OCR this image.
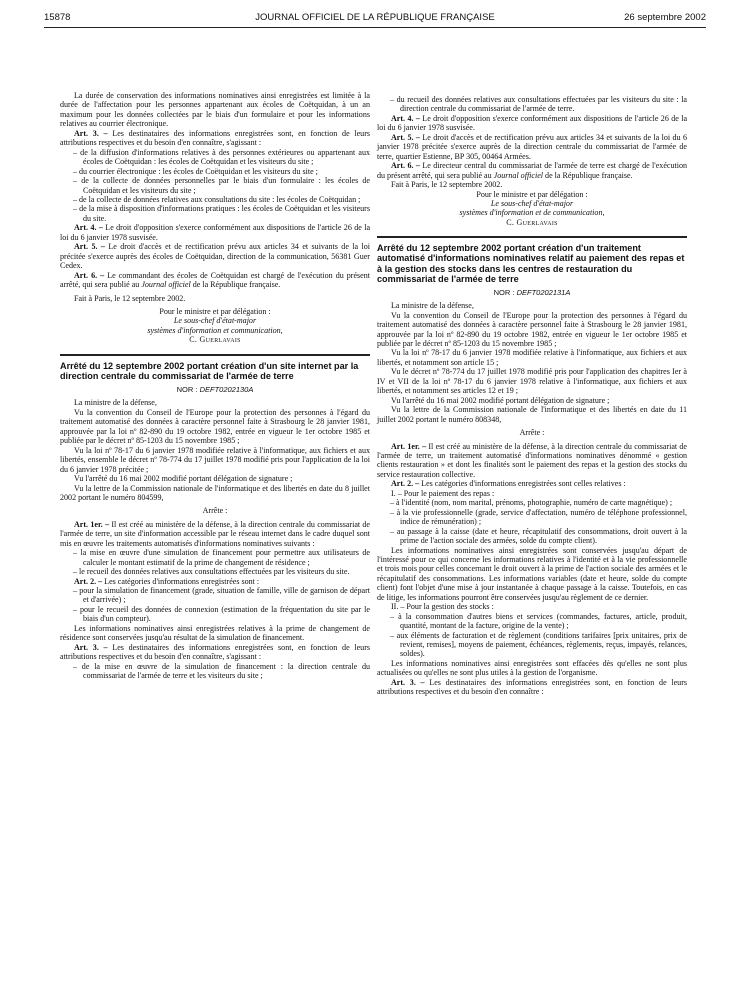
15878	JOURNAL OFFICIEL DE LA RÉPUBLIQUE FRANÇAISE	26 septembre 2002

La durée de conservation des informations nominatives ainsi enregistrées est limitée à la durée de l'affectation pour les personnes appartenant aux écoles de Coëtquidan, à un an maximum pour les données collectées par le biais d'un formulaire et pour les informations relatives au courrier électronique.

Art. 3. – Les destinataires des informations enregistrées sont, en fonction de leurs attributions respectives et du besoin d'en connaître, s'agissant :

– de la diffusion d'informations relatives à des personnes extérieures ou appartenant aux écoles de Coëtquidan : les écoles de Coëtquidan et les visiteurs du site ;

– du courrier électronique : les écoles de Coëtquidan et les visiteurs du site ;

– de la collecte de données personnelles par le biais d'un formulaire : les écoles de Coëtquidan et les visiteurs du site ;

– de la collecte de données relatives aux consultations du site : les écoles de Coëtquidan ;

– de la mise à disposition d'informations pratiques : les écoles de Coëtquidan et les visiteurs du site.

Art. 4. – Le droit d'opposition s'exerce conformément aux dispositions de l'article 26 de la loi du 6 janvier 1978 susvisée.

Art. 5. – Le droit d'accès et de rectification prévu aux articles 34 et suivants de la loi précitée s'exerce auprès des écoles de Coëtquidan, direction de la communication, 56381 Guer Cedex.

Art. 6. – Le commandant des écoles de Coëtquidan est chargé de l'exécution du présent arrêté, qui sera publié au Journal officiel de la République française.

Fait à Paris, le 12 septembre 2002.

Pour le ministre et par délégation :

Le sous-chef d'état-major

systèmes d'information et communication,

C. Guerlavais

Arrêté du 12 septembre 2002 portant création d'un site internet par la direction centrale du commissariat de l'armée de terre

NOR : DEFT0202130A

La ministre de la défense,

Vu la convention du Conseil de l'Europe pour la protection des personnes à l'égard du traitement automatisé des données à caractère personnel faite à Strasbourg le 28 janvier 1981, approuvée par la loi nº 82-890 du 19 octobre 1982, entrée en vigueur le 1er octobre 1985 et publiée par le décret nº 85-1203 du 15 novembre 1985 ;

Vu la loi nº 78-17 du 6 janvier 1978 modifiée relative à l'informatique, aux fichiers et aux libertés, ensemble le décret nº 78-774 du 17 juillet 1978 modifié pris pour l'application de la loi du 6 janvier 1978 précitée ;

Vu l'arrêté du 16 mai 2002 modifié portant délégation de signature ;

Vu la lettre de la Commission nationale de l'informatique et des libertés en date du 8 juillet 2002 portant le numéro 804599,

Arrête :

Art. 1er. – Il est créé au ministère de la défense, à la direction centrale du commissariat de l'armée de terre, un site d'information accessible par le réseau internet dans le cadre duquel sont mis en œuvre les traitements automatisés d'informations nominatives suivants :

– la mise en œuvre d'une simulation de financement pour permettre aux utilisateurs de calculer le montant estimatif de la prime de changement de résidence ;

– le recueil des données relatives aux consultations effectuées par les visiteurs du site.

Art. 2. – Les catégories d'informations enregistrées sont :

– pour la simulation de financement (grade, situation de famille, ville de garnison de départ et d'arrivée) ;

– pour le recueil des données de connexion (estimation de la fréquentation du site par le biais d'un compteur).

Les informations nominatives ainsi enregistrées relatives à la prime de changement de résidence sont conservées jusqu'au résultat de la simulation de financement.

Art. 3. – Les destinataires des informations enregistrées sont, en fonction de leurs attributions respectives et du besoin d'en connaître, s'agissant :

– de la mise en œuvre de la simulation de financement : la direction centrale du commissariat de l'armée de terre et les visiteurs du site ;

– du recueil des données relatives aux consultations effectuées par les visiteurs du site : la direction centrale du commissariat de l'armée de terre.

Art. 4. – Le droit d'opposition s'exerce conformément aux dispositions de l'article 26 de la loi du 6 janvier 1978 susvisée.

Art. 5. – Le droit d'accès et de rectification prévu aux articles 34 et suivants de la loi du 6 janvier 1978 précitée s'exerce auprès de la direction centrale du commissariat de l'armée de terre, quartier Estienne, BP 305, 00464 Armées.

Art. 6. – Le directeur central du commissariat de l'armée de terre est chargé de l'exécution du présent arrêté, qui sera publié au Journal officiel de la République française.

Fait à Paris, le 12 septembre 2002.

Pour le ministre et par délégation :

Le sous-chef d'état-major

systèmes d'information et de communication,

C. Guerlavais

Arrêté du 12 septembre 2002 portant création d'un traitement automatisé d'informations nominatives relatif au paiement des repas et à la gestion des stocks dans les centres de restauration du commissariat de l'armée de terre

NOR : DEFT0202131A

La ministre de la défense,

Vu la convention du Conseil de l'Europe pour la protection des personnes à l'égard du traitement automatisé des données à caractère personnel faite à Strasbourg le 28 janvier 1981, approuvée par la loi nº 82-890 du 19 octobre 1982, entrée en vigueur le 1er octobre 1985 et publiée par le décret nº 85-1203 du 15 novembre 1985 ;

Vu la loi nº 78-17 du 6 janvier 1978 modifiée relative à l'informatique, aux fichiers et aux libertés, et notamment son article 15 ;

Vu le décret nº 78-774 du 17 juillet 1978 modifié pris pour l'application des chapitres Ier à IV et VII de la loi nº 78-17 du 6 janvier 1978 relative à l'informatique, aux fichiers et aux libertés, et notamment ses articles 12 et 19 ;

Vu l'arrêté du 16 mai 2002 modifié portant délégation de signature ;

Vu la lettre de la Commission nationale de l'informatique et des libertés en date du 11 juillet 2002 portant le numéro 808348,

Arrête :

Art. 1er. – Il est créé au ministère de la défense, à la direction centrale du commissariat de l'armée de terre, un traitement automatisé d'informations nominatives dénommé « gestion clients restauration » et dont les finalités sont le paiement des repas et la gestion des stocks du service restauration collective.

Art. 2. – Les catégories d'informations enregistrées sont celles relatives :

I. – Pour le paiement des repas :

– à l'identité (nom, nom marital, prénoms, photographie, numéro de carte magnétique) ;

– à la vie professionnelle (grade, service d'affectation, numéro de téléphone professionnel, indice de rémunération) ;

– au passage à la caisse (date et heure, récapitulatif des consommations, droit ouvert à la prime de l'action sociale des armées, solde du compte client).

Les informations nominatives ainsi enregistrées sont conservées jusqu'au départ de l'intéressé pour ce qui concerne les informations relatives à l'identité et à la vie professionnelle et trois mois pour celles concernant le droit ouvert à la prime de l'action sociale des armées et le récapitulatif des consommations. Les informations variables (date et heure, solde du compte client) font l'objet d'une mise à jour instantanée à chaque passage à la caisse. Toutefois, en cas de litige, les informations pourront être conservées jusqu'au règlement de ce dernier.

II. – Pour la gestion des stocks :

– à la consommation d'autres biens et services (commandes, factures, article, produit, quantité, montant de la facture, origine de la vente) ;

– aux éléments de facturation et de règlement (conditions tarifaires [prix unitaires, prix de revient, remises], moyens de paiement, échéances, règlements, reçus, impayés, relances, soldes).

Les informations nominatives ainsi enregistrées sont effacées dès qu'elles ne sont plus actualisées ou qu'elles ne sont plus utiles à la gestion de l'organisme.

Art. 3. – Les destinataires des informations enregistrées sont, en fonction de leurs attributions respectives et du besoin d'en connaître :
